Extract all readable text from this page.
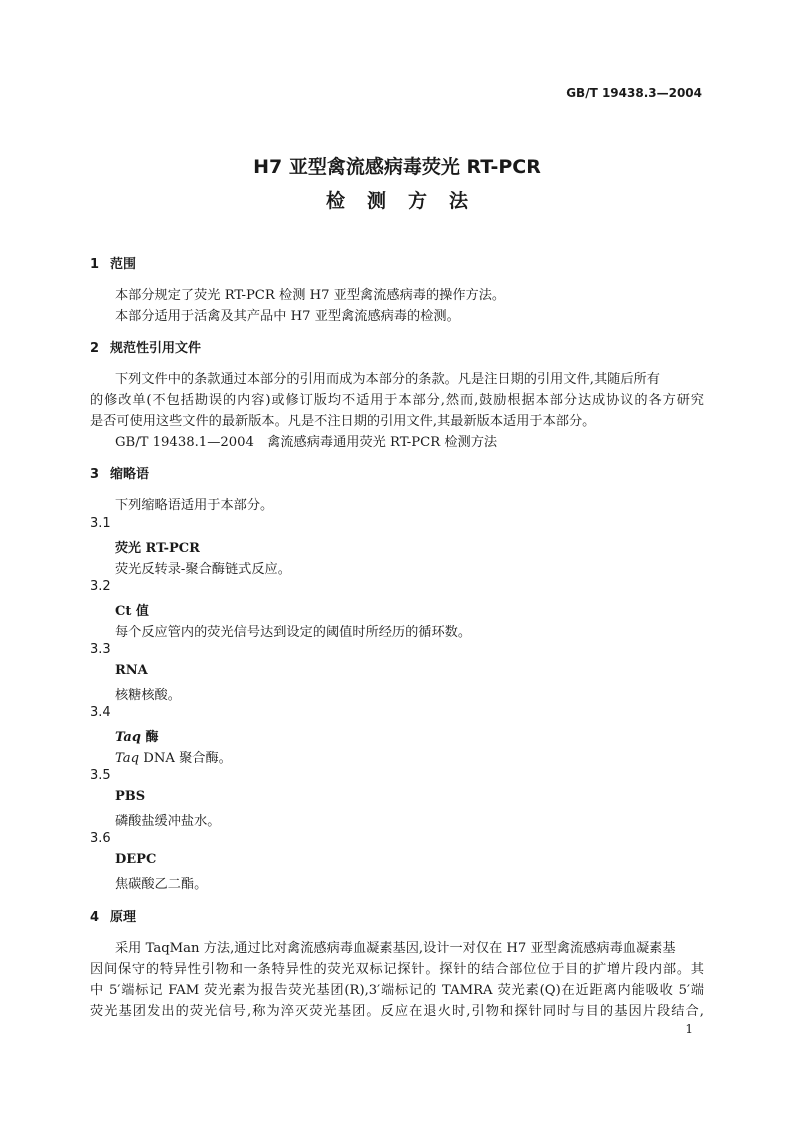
GB/T 19438.3—2004
H7 亚型禽流感病毒荧光 RT-PCR
检测方法
1 范围
本部分规定了荧光 RT-PCR 检测 H7 亚型禽流感病毒的操作方法。
本部分适用于活禽及其产品中 H7 亚型禽流感病毒的检测。
2 规范性引用文件
下列文件中的条款通过本部分的引用而成为本部分的条款。凡是注日期的引用文件,其随后所有
的修改单(不包括勘误的内容)或修订版均不适用于本部分,然而,鼓励根据本部分达成协议的各方研究
是否可使用这些文件的最新版本。凡是不注日期的引用文件,其最新版本适用于本部分。
GB/T 19438.1—2004　禽流感病毒通用荧光 RT-PCR 检测方法
3 缩略语
下列缩略语适用于本部分。
3.1
荧光 RT-PCR
荧光反转录-聚合酶链式反应。
3.2
Ct 值
每个反应管内的荧光信号达到设定的阈值时所经历的循环数。
3.3
RNA
核糖核酸。
3.4
Taq 酶
Taq DNA 聚合酶。
3.5
PBS
磷酸盐缓冲盐水。
3.6
DEPC
焦碳酸乙二酯。
4 原理
采用 TaqMan 方法,通过比对禽流感病毒血凝素基因,设计一对仅在 H7 亚型禽流感病毒血凝素基
因间保守的特异性引物和一条特异性的荧光双标记探针。探针的结合部位位于目的扩增片段内部。其
中 5′端标记 FAM 荧光素为报告荧光基团(R),3′端标记的 TAMRA 荧光素(Q)在近距离内能吸收 5′端
荧光基团发出的荧光信号,称为淬灭荧光基团。反应在退火时,引物和探针同时与目的基因片段结合,
1
